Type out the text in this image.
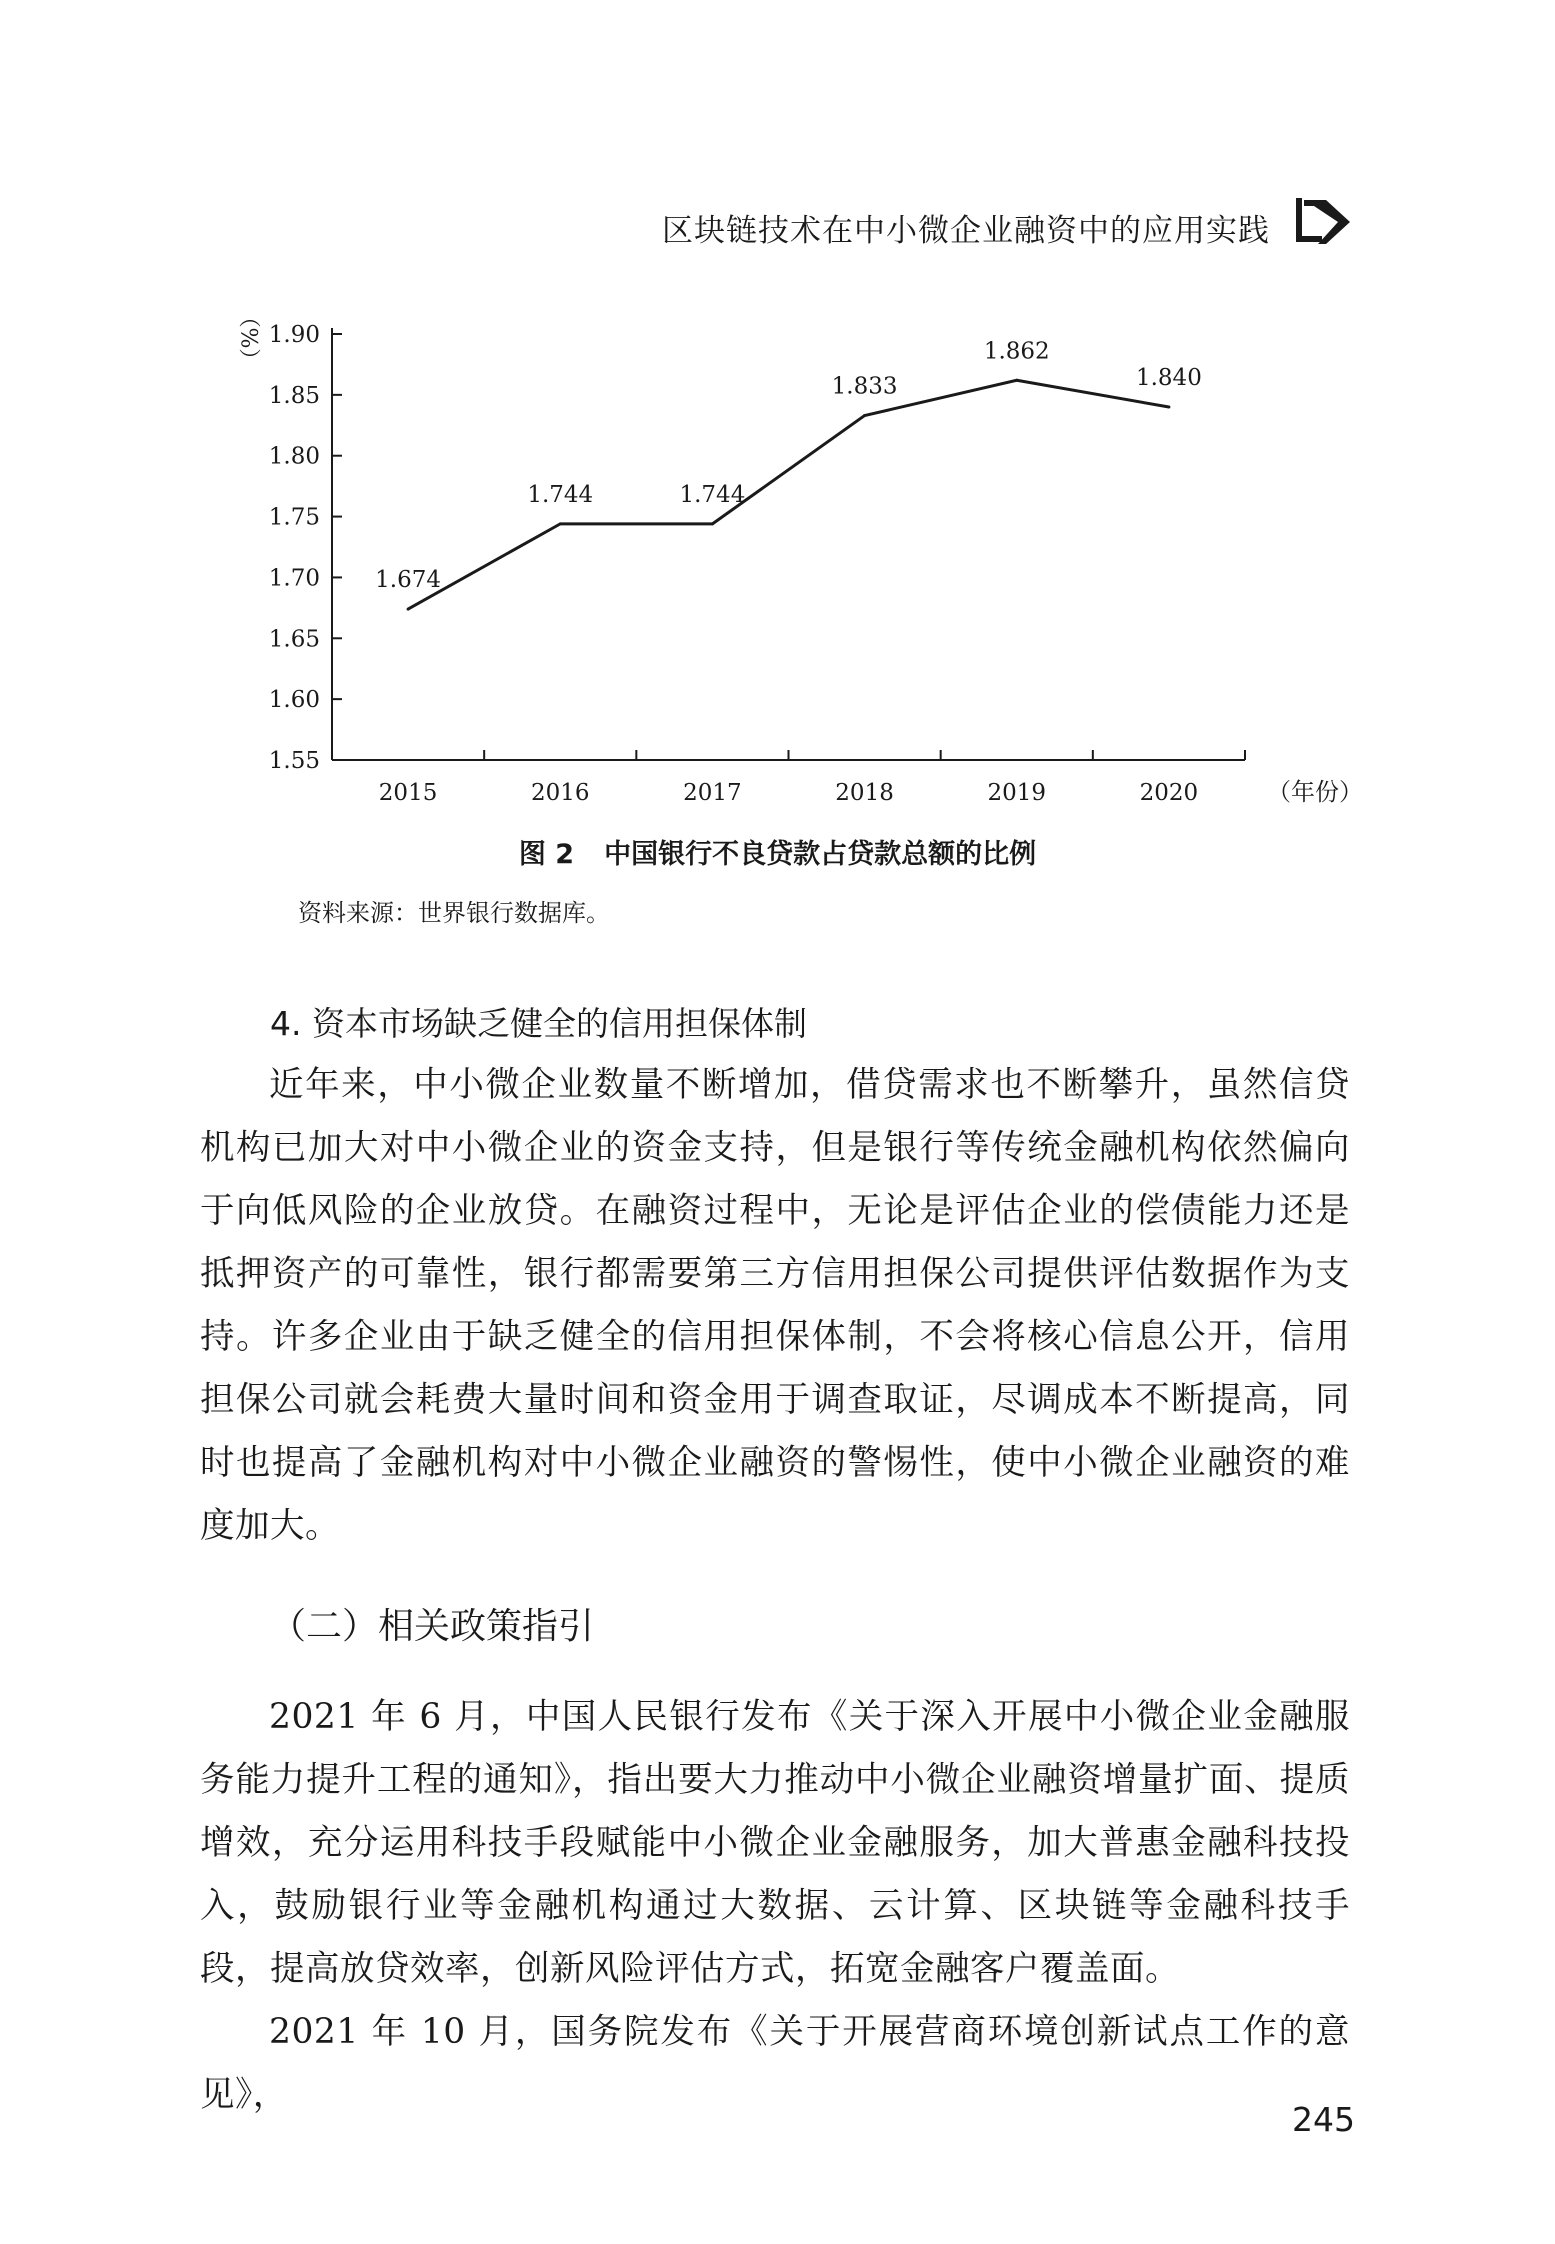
区块链技术在中小微企业融资中的应用实践
1.90
1.85
1.80
1.75
1.70
1.65
1.60
1.55
2015	2016	2017	2018	2019	2020	（年份）
（%）
1.674
1.744	1.744
1.833
1.862
1.840
图 2 中国银行不良贷款占贷款总额的比例
资料来源：世界银行数据库。
4. 资本市场缺乏健全的信用担保体制

近年来，中小微企业数量不断增加，借贷需求也不断攀升，虽然信贷机构已加大对中小微企业的资金支持，但是银行等传统金融机构依然偏向于向低风险的企业放贷。在融资过程中，无论是评估企业的偿债能力还是抵押资产的可靠性，银行都需要第三方信用担保公司提供评估数据作为支持。许多企业由于缺乏健全的信用担保体制，不会将核心信息公开，信用担保公司就会耗费大量时间和资金用于调查取证，尽调成本不断提高，同时也提高了金融机构对中小微企业融资的警惕性，使中小微企业融资的难度加大。

（二）相关政策指引

2021 年 6 月，中国人民银行发布《关于深入开展中小微企业金融服务能力提升工程的通知》，指出要大力推动中小微企业融资增量扩面、提质增效，充分运用科技手段赋能中小微企业金融服务，加大普惠金融科技投入，鼓励银行业等金融机构通过大数据、云计算、区块链等金融科技手段，提高放贷效率，创新风险评估方式，拓宽金融客户覆盖面。

2021 年 10 月，国务院发布《关于开展营商环境创新试点工作的意见》，

245
